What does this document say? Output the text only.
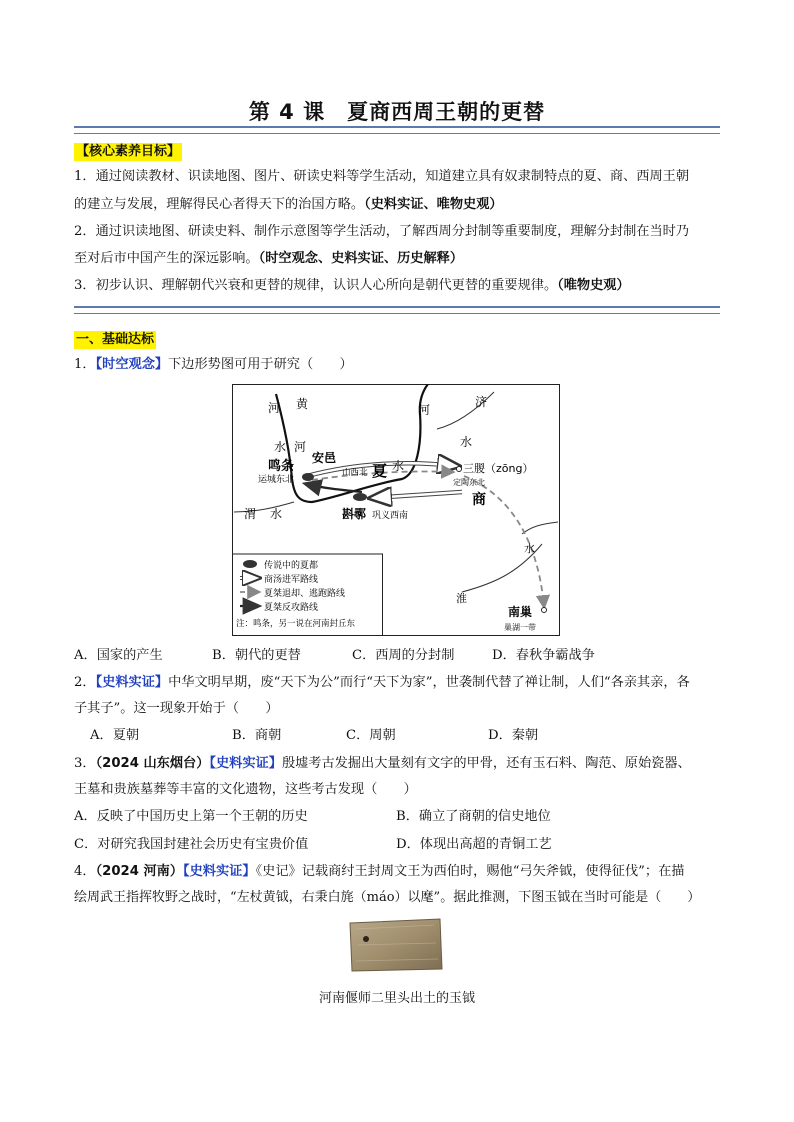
第 4 课　夏商西周王朝的更替
【核心素养目标】
1．通过阅读教材、识读地图、图片、研读史料等学生活动，知道建立具有奴隶制特点的夏、商、西周王朝
的建立与发展，理解得民心者得天下的治国方略。（史料实证、唯物史观）
2．通过识读地图、研读史料、制作示意图等学生活动，了解西周分封制等重要制度，理解分封制在当时乃
至对后市中国产生的深远影响。（时空观念、史料实证、历史解释）
3．初步认识、理解朝代兴衰和更替的规律，认识人心所向是朝代更替的重要规律。（唯物史观）
一、基础达标
1．【时空观念】下边形势图可用于研究（　　）
河 黄	河
济
水 河	水
安邑
鸣条
运城东北
山西北 夏 水	三朡（zōng）
定陶东北
商
渭 水	斟鄩 巩义西南
水
淮
南巢
巢湖一带
传说中的夏都
商汤进军路线
夏桀退却、逃跑路线
夏桀反攻路线
注：鸣条，另一说在河南封丘东
A．国家的产生	B．朝代的更替	C．西周的分封制	D．春秋争霸战争
2．【史料实证】中华文明早期，废“天下为公”而行“天下为家”，世袭制代替了禅让制，人们“各亲其亲，各
子其子”。这一现象开始于（　　）
A．夏朝	B．商朝	C．周朝	D．秦朝
3．（2024 山东烟台）【史料实证】殷墟考古发掘出大量刻有文字的甲骨，还有玉石料、陶范、原始瓷器、
王墓和贵族墓葬等丰富的文化遗物，这些考古发现（　　）
A．反映了中国历史上第一个王朝的历史	B．确立了商朝的信史地位
C．对研究我国封建社会历史有宝贵价值	D．体现出高超的青铜工艺
4．（2024 河南）【史料实证】《史记》记载商纣王封周文王为西伯时，赐他“弓矢斧钺，使得征伐”；在描
绘周武王指挥牧野之战时，“左杖黄钺，右秉白旄（máo）以麾”。据此推测，下图玉钺在当时可能是（　　）
河南偃师二里头出土的玉钺
